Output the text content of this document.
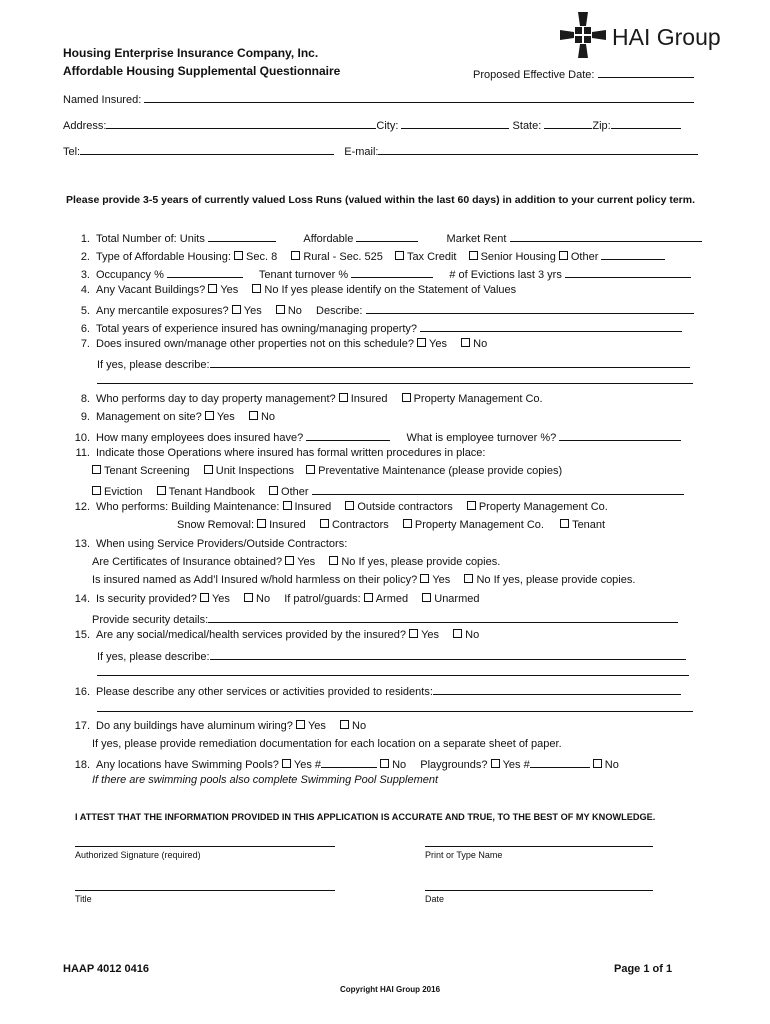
HAI Group
Housing Enterprise Insurance Company, Inc.
Affordable Housing Supplemental Questionnaire	Proposed Effective Date:
Named Insured:
Address:	City:	State:	Zip:
Tel:	E-mail:
Please provide 3-5 years of currently valued Loss Runs (valued within the last 60 days) in addition to your current policy term.
1. Total Number of: Units	Affordable	Market Rent
2. Type of Affordable Housing: Sec. 8 Rural - Sec. 525 Tax Credit Senior Housing Other
3. Occupancy %	Tenant turnover %	# of Evictions last 3 yrs
4. Any Vacant Buildings? Yes No If yes please identify on the Statement of Values
5. Any mercantile exposures? Yes No Describe:
6. Total years of experience insured has owning/managing property?
7. Does insured own/manage other properties not on this schedule? Yes No
If yes, please describe:
8. Who performs day to day property management? Insured Property Management Co.
9. Management on site? Yes No
10. How many employees does insured have?	What is employee turnover %?
11. Indicate those Operations where insured has formal written procedures in place:
Tenant Screening Unit Inspections Preventative Maintenance (please provide copies)
Eviction Tenant Handbook Other
12. Who performs: Building Maintenance: Insured Outside contractors Property Management Co.
Snow Removal: Insured Contractors Property Management Co.	Tenant
13. When using Service Providers/Outside Contractors:
Are Certificates of Insurance obtained? Yes No If yes, please provide copies.
Is insured named as Add’l Insured w/hold harmless on their policy? Yes No If yes, please provide copies.
14. Is security provided? Yes No If patrol/guards: Armed Unarmed
Provide security details:
15. Are any social/medical/health services provided by the insured? Yes No
If yes, please describe:
16. Please describe any other services or activities provided to residents:
17. Do any buildings have aluminum wiring? Yes No
If yes, please provide remediation documentation for each location on a separate sheet of paper.
18. Any locations have Swimming Pools? Yes #	No Playgrounds? Yes #	No
If there are swimming pools also complete Swimming Pool Supplement
I ATTEST THAT THE INFORMATION PROVIDED IN THIS APPLICATION IS ACCURATE AND TRUE, TO THE BEST OF MY KNOWLEDGE.
Authorized Signature (required)	Print or Type Name
Title	Date
HAAP 4012 0416	Page 1 of 1
Copyright HAI Group 2016
